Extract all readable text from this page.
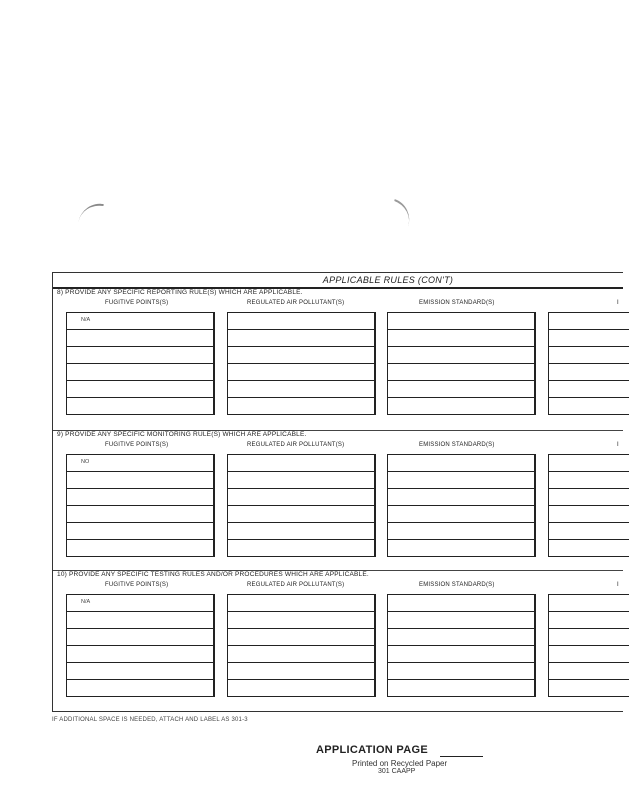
APPLICABLE RULES (CON'T)
8) PROVIDE ANY SPECIFIC REPORTING RULE(S) WHICH ARE APPLICABLE.
FUGITIVE POINTS(S)	REGULATED AIR POLLUTANT(S)	EMISSION STANDARD(S)	I
N/A
9) PROVIDE ANY SPECIFIC MONITORING RULE(S) WHICH ARE APPLICABLE.
FUGITIVE POINTS(S)	REGULATED AIR POLLUTANT(S)	EMISSION STANDARD(S)	I
NO
10) PROVIDE ANY SPECIFIC TESTING RULES AND/OR PROCEDURES WHICH ARE APPLICABLE.
FUGITIVE POINTS(S)	REGULATED AIR POLLUTANT(S)	EMISSION STANDARD(S)	I
N/A
IF ADDITIONAL SPACE IS NEEDED, ATTACH AND LABEL AS 301-3
APPLICATION PAGE
Printed on Recycled Paper
301 CAAPP
